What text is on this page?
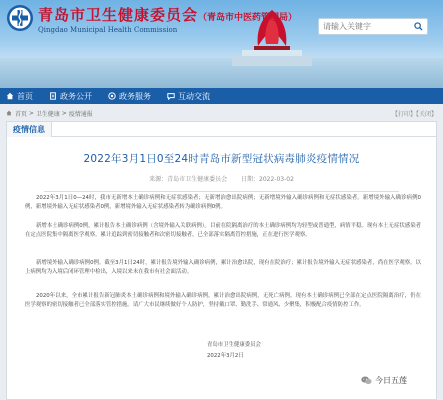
青岛市卫生健康委员会（青岛市中医药管理局）
Qingdao Municipal Health Commission
请输入关键字
首页	政务公开	政务服务	互动交流
首页 > 卫生健康 > 疫情通报	【打印】【关闭】
疫情信息
2022年3月1日0至24时青岛市新型冠状病毒肺炎疫情情况
来源：青岛市卫生健康委员会 日期：2022-03-02

2022年3月1日0—24时，我市无新增本土确诊病例和无症状感染者；无新增治愈出院病例；无新增境外输入确诊病例和无症状感染者。新增境外输入确诊病例0例，新增境外输入无症状感染者0例，新增境外输入无症状感染者转为确诊病例0例。

新增本土确诊病例0例，累计报告本土确诊病例（含境外输入关联病例）。目前在院隔离治疗的本土确诊病例均为轻型或普通型，病情平稳。现有本土无症状感染者在定点医院集中隔离医学观察。累计追踪到密切接触者和次密切接触者，已全部落实隔离管控措施，正在进行医学观察。

新增境外输入确诊病例0例。截至3月1日24时，累计报告境外输入确诊病例，累计治愈出院，现有在院治疗；累计报告境外输入无症状感染者，尚在医学观察。以上病例均为入境后闭环管理中检出，入境以来未在我市有社会面活动。

2020年以来，全市累计报告新冠肺炎本土确诊病例和境外输入确诊病例，累计治愈出院病例，无死亡病例。现有本土确诊病例已全部在定点医院隔离治疗，仍在医学观察的密切接触者已全部落实管控措施。请广大市民继续做好个人防护，坚持戴口罩、勤洗手、常通风、少聚集，积极配合疫情防控工作。

青岛市卫生健康委员会
2022年3月2日
今日五莲
